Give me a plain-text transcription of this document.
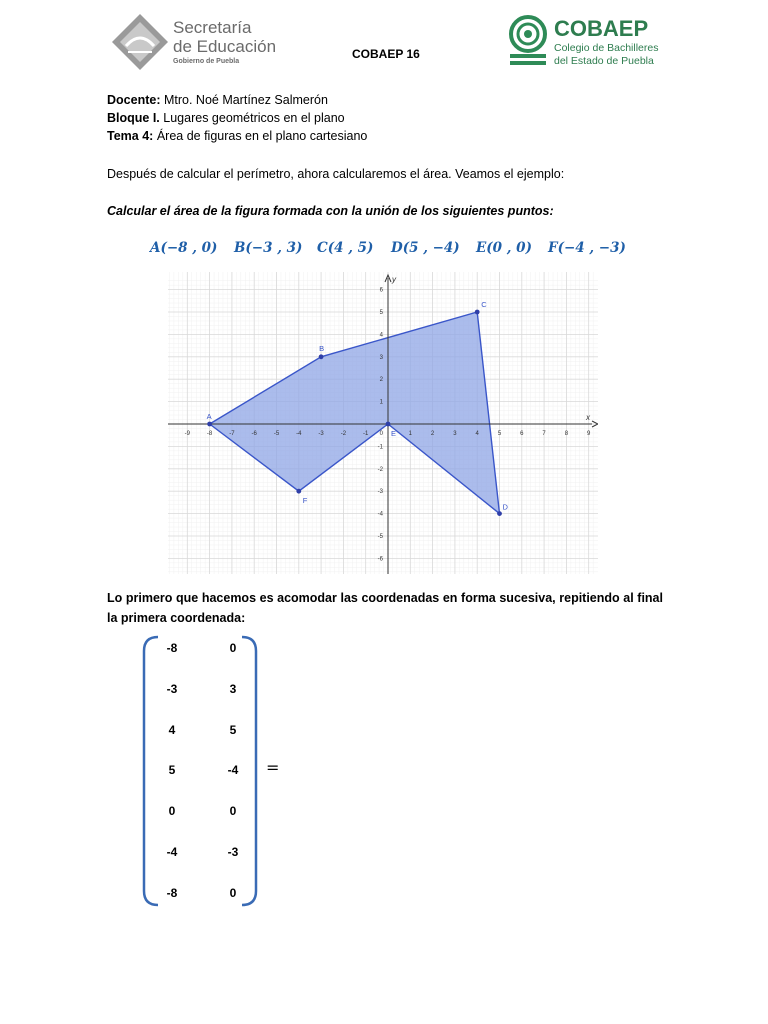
Secretaría
de Educación
Gobierno de Puebla
COBAEP 16
COBAEP
Colegio de Bachilleres
del Estado de Puebla
Docente: Mtro. Noé Martínez Salmerón
Bloque I. Lugares geométricos en el plano
Tema 4: Área de figuras en el plano cartesiano
Después de calcular el perímetro, ahora calcularemos el área. Veamos el ejemplo:
Calcular el área de la figura formada con la unión de los siguientes puntos:
A(−8 , 0) B(−3 , 3) C(4 , 5) D(5 , −4) E(0 , 0) F(−4 , −3)
x
y
-9	-8	-7	-6	-5	-4	-3	-2	-1	1	2	3	4	5	6	7	8	9
-6
-5
-4
-3
-2
-1
1
2
3
4
5
6
0
A
B
C
D
E
F
Lo primero que hacemos es acomodar las coordenadas en forma sucesiva, repitiendo al final la primera coordenada:
-8	0
-3	3
4	5
5	-4
0	0
-4	-3
-8	0
=
